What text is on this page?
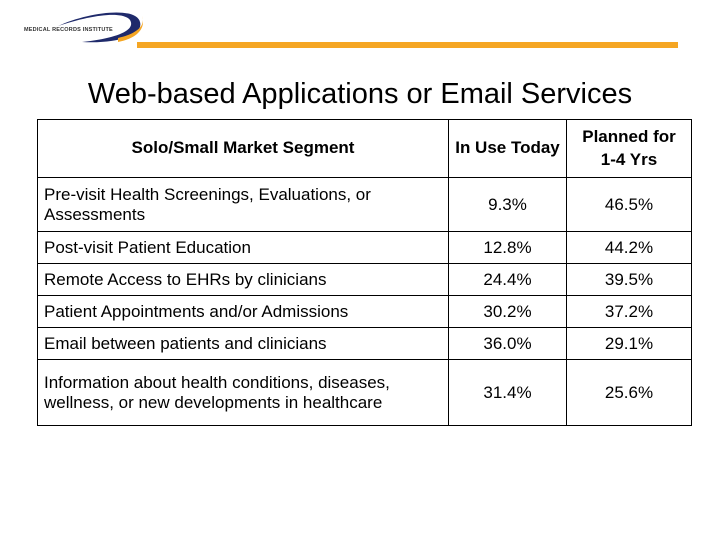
MEDICAL RECORDS INSTITUTE
Web-based Applications or Email Services
Solo/Small Market Segment	In Use Today	Planned for 1-4 Yrs
Pre-visit Health Screenings, Evaluations, or Assessments	9.3%	46.5%
Post-visit Patient Education	12.8%	44.2%
Remote Access to EHRs by clinicians	24.4%	39.5%
Patient Appointments and/or Admissions	30.2%	37.2%
Email between patients and clinicians	36.0%	29.1%
Information about health conditions, diseases, wellness, or new developments in healthcare	31.4%	25.6%
